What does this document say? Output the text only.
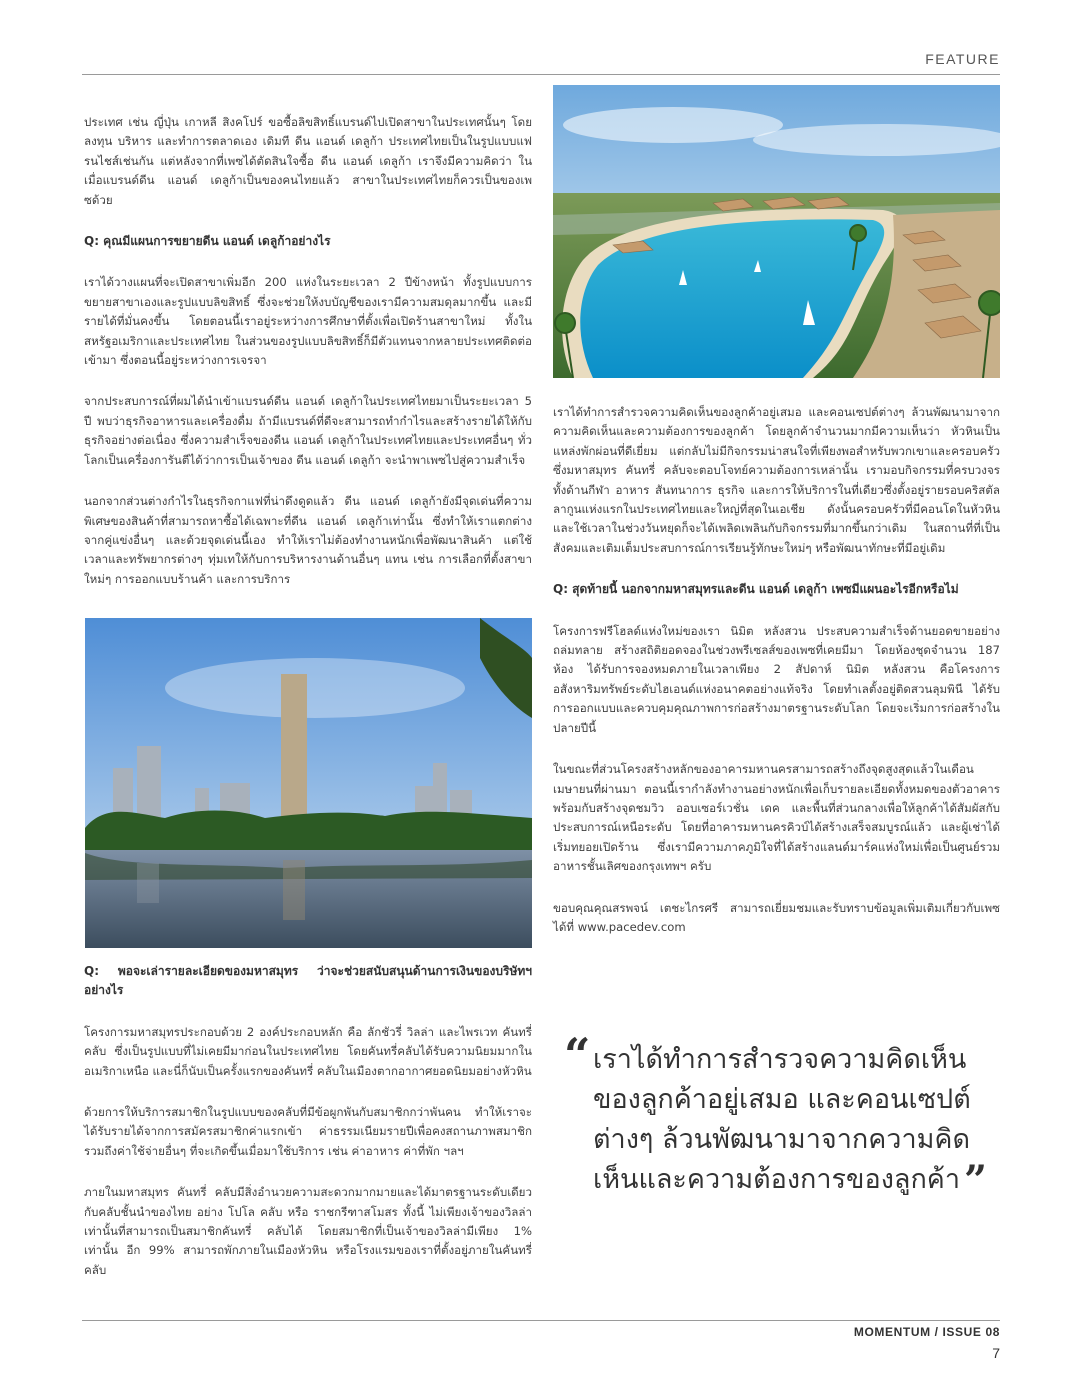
FEATURE

ประเทศ เช่น ญี่ปุ่น เกาหลี สิงคโปร์ ขอซื้อลิขสิทธิ์แบรนด์ไปเปิดสาขาในประเทศนั้นๆ โดยลงทุน บริหาร และทำการตลาดเอง เดิมที ดีน แอนด์ เดลูก้า ประเทศไทยเป็นในรูปแบบแฟรนไชส์เช่นกัน แต่หลังจากที่เพซได้ตัดสินใจซื้อ ดีน แอนด์ เดลูก้า เราจึงมีความคิดว่า ในเมื่อแบรนด์ดีน แอนด์ เดลูก้าเป็นของคนไทยแล้ว สาขาในประเทศไทยก็ควรเป็นของเพซด้วย

Q: คุณมีแผนการขยายดีน แอนด์ เดลูก้าอย่างไร

เราได้วางแผนที่จะเปิดสาขาเพิ่มอีก 200 แห่งในระยะเวลา 2 ปีข้างหน้า ทั้งรูปแบบการขยายสาขาเองและรูปแบบลิขสิทธิ์ ซึ่งจะช่วยให้งบบัญชีของเรามีความสมดุลมากขึ้น และมีรายได้ที่มั่นคงขึ้น โดยตอนนี้เราอยู่ระหว่างการศึกษาที่ตั้งเพื่อเปิดร้านสาขาใหม่ ทั้งในสหรัฐอเมริกาและประเทศไทย ในส่วนของรูปแบบลิขสิทธิ์ก็มีตัวแทนจากหลายประเทศติดต่อเข้ามา ซึ่งตอนนี้อยู่ระหว่างการเจรจา

จากประสบการณ์ที่ผมได้นำเข้าแบรนด์ดีน แอนด์ เดลูก้าในประเทศไทยมาเป็นระยะเวลา 5 ปี พบว่าธุรกิจอาหารและเครื่องดื่ม ถ้ามีแบรนด์ที่ดีจะสามารถทำกำไรและสร้างรายได้ให้กับธุรกิจอย่างต่อเนื่อง ซึ่งความสำเร็จของดีน แอนด์ เดลูก้าในประเทศไทยและประเทศอื่นๆ ทั่วโลกเป็นเครื่องการันตีได้ว่าการเป็นเจ้าของ ดีน แอนด์ เดลูก้า จะนำพาเพซไปสู่ความสำเร็จ

นอกจากส่วนต่างกำไรในธุรกิจกาแฟที่น่าดึงดูดแล้ว ดีน แอนด์ เดลูก้ายังมีจุดเด่นที่ความพิเศษของสินค้าที่สามารถหาซื้อได้เฉพาะที่ดีน แอนด์ เดลูก้าเท่านั้น ซึ่งทำให้เราแตกต่างจากคู่แข่งอื่นๆ และด้วยจุดเด่นนี้เอง ทำให้เราไม่ต้องทำงานหนักเพื่อพัฒนาสินค้า แต่ใช้เวลาและทรัพยากรต่างๆ ทุ่มเทให้กับการบริหารงานด้านอื่นๆ แทน เช่น การเลือกที่ตั้งสาขาใหม่ๆ การออกแบบร้านค้า และการบริการ

Q: พอจะเล่ารายละเอียดของมหาสมุทร ว่าจะช่วยสนับสนุนด้านการเงินของบริษัทฯ อย่างไร

โครงการมหาสมุทรประกอบด้วย 2 องค์ประกอบหลัก คือ ลักชัวรี่ วิลล่า และไพรเวท คันทรี่ คลับ ซึ่งเป็นรูปแบบที่ไม่เคยมีมาก่อนในประเทศไทย โดยคันทรี่คลับได้รับความนิยมมากในอเมริกาเหนือ และนี่ก็นับเป็นครั้งแรกของคันทรี่ คลับในเมืองตากอากาศยอดนิยมอย่างหัวหิน

ด้วยการให้บริการสมาชิกในรูปแบบของคลับที่มีข้อผูกพันกับสมาชิกกว่าพันคน ทำให้เราจะได้รับรายได้จากการสมัครสมาชิกค่าแรกเข้า ค่าธรรมเนียมรายปีเพื่อคงสถานภาพสมาชิก รวมถึงค่าใช้จ่ายอื่นๆ ที่จะเกิดขึ้นเมื่อมาใช้บริการ เช่น ค่าอาหาร ค่าที่พัก ฯลฯ

ภายในมหาสมุทร คันทรี่ คลับมีสิ่งอำนวยความสะดวกมากมายและได้มาตรฐานระดับเดียวกับคลับชั้นนำของไทย อย่าง โปโล คลับ หรือ ราชกรีฑาสโมสร ทั้งนี้ ไม่เพียงเจ้าของวิลล่าเท่านั้นที่สามารถเป็นสมาชิกคันทรี่ คลับได้ โดยสมาชิกที่เป็นเจ้าของวิลล่ามีเพียง 1% เท่านั้น อีก 99% สามารถพักภายในเมืองหัวหิน หรือโรงแรมของเราที่ตั้งอยู่ภายในคันทรี่ คลับ

เราได้ทำการสำรวจความคิดเห็นของลูกค้าอยู่เสมอ และคอนเซปต์ต่างๆ ล้วนพัฒนามาจากความคิดเห็นและความต้องการของลูกค้า โดยลูกค้าจำนวนมากมีความเห็นว่า หัวหินเป็นแหล่งพักผ่อนที่ดีเยี่ยม แต่กลับไม่มีกิจกรรมน่าสนใจที่เพียงพอสำหรับพวกเขาและครอบครัว ซึ่งมหาสมุทร คันทรี่ คลับจะตอบโจทย์ความต้องการเหล่านั้น เรามอบกิจกรรมที่ครบวงจร ทั้งด้านกีฬา อาหาร สันทนาการ ธุรกิจ และการให้บริการในที่เดียวซึ่งตั้งอยู่รายรอบคริสตัล ลากูนแห่งแรกในประเทศไทยและใหญ่ที่สุดในเอเชีย ดังนั้นครอบครัวที่มีคอนโดในหัวหินและใช้เวลาในช่วงวันหยุดก็จะได้เพลิดเพลินกับกิจกรรมที่มากขึ้นกว่าเดิม ในสถานที่ที่เป็นสังคมและเติมเต็มประสบการณ์การเรียนรู้ทักษะใหม่ๆ หรือพัฒนาทักษะที่มีอยู่เดิม

Q: สุดท้ายนี้ นอกจากมหาสมุทรและดีน แอนด์ เดลูก้า เพซมีแผนอะไรอีกหรือไม่

โครงการฟรีโฮลด์แห่งใหม่ของเรา นิมิต หลังสวน ประสบความสำเร็จด้านยอดขายอย่างถล่มทลาย สร้างสถิติยอดจองในช่วงพรีเซลส์ของเพซที่เคยมีมา โดยห้องชุดจำนวน 187 ห้อง ได้รับการจองหมดภายในเวลาเพียง 2 สัปดาห์ นิมิต หลังสวน คือโครงการอสังหาริมทรัพย์ระดับไฮเอนด์แห่งอนาคตอย่างแท้จริง โดยทำเลตั้งอยู่ติดสวนลุมพินี ได้รับการออกแบบและควบคุมคุณภาพการก่อสร้างมาตรฐานระดับโลก โดยจะเริ่มการก่อสร้างในปลายปีนี้

ในขณะที่ส่วนโครงสร้างหลักของอาคารมหานครสามารถสร้างถึงจุดสูงสุดแล้วในเดือนเมษายนที่ผ่านมา ตอนนี้เรากำลังทำงานอย่างหนักเพื่อเก็บรายละเอียดทั้งหมดของตัวอาคาร พร้อมกับสร้างจุดชมวิว ออบเซอร์เวชั่น เดค และพื้นที่ส่วนกลางเพื่อให้ลูกค้าได้สัมผัสกับประสบการณ์เหนือระดับ โดยที่อาคารมหานครคิวบ์ได้สร้างเสร็จสมบูรณ์แล้ว และผู้เช่าได้เริ่มทยอยเปิดร้าน ซึ่งเรามีความภาคภูมิใจที่ได้สร้างแลนด์มาร์คแห่งใหม่เพื่อเป็นศูนย์รวมอาหารชั้นเลิศของกรุงเทพฯ ครับ

ขอบคุณคุณสรพจน์ เตชะไกรศรี สามารถเยี่ยมชมและรับทราบข้อมูลเพิ่มเติมเกี่ยวกับเพซได้ที่ www.pacedev.com

“ เราได้ทำการสำรวจความคิดเห็นของลูกค้าอยู่เสมอ และคอนเซปต์ต่างๆ ล้วนพัฒนามาจากความคิดเห็นและความต้องการของลูกค้า ”

MOMENTUM / ISSUE 08
7
